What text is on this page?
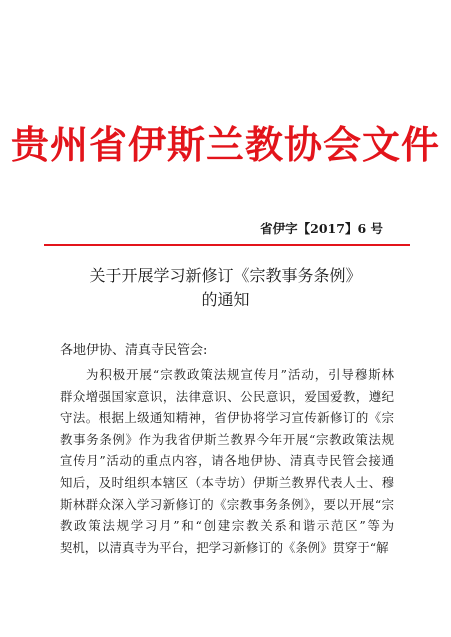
贵州省伊斯兰教协会文件
省伊字【2017】6 号
关于开展学习新修订《宗教事务条例》
的通知
各地伊协、清真寺民管会:
为积极开展“宗教政策法规宣传月”活动，引导穆斯林
群众增强国家意识，法律意识、公民意识，爱国爱教，遵纪
守法。根据上级通知精神，省伊协将学习宣传新修订的《宗
教事务条例》作为我省伊斯兰教界今年开展“宗教政策法规
宣传月”活动的重点内容，请各地伊协、清真寺民管会接通
知后，及时组织本辖区（本寺坊）伊斯兰教界代表人士、穆
斯林群众深入学习新修订的《宗教事务条例》，要以开展“宗
教政策法规学习月”和“创建宗教关系和谐示范区”等为
契机，以清真寺为平台，把学习新修订的《条例》贯穿于“解
